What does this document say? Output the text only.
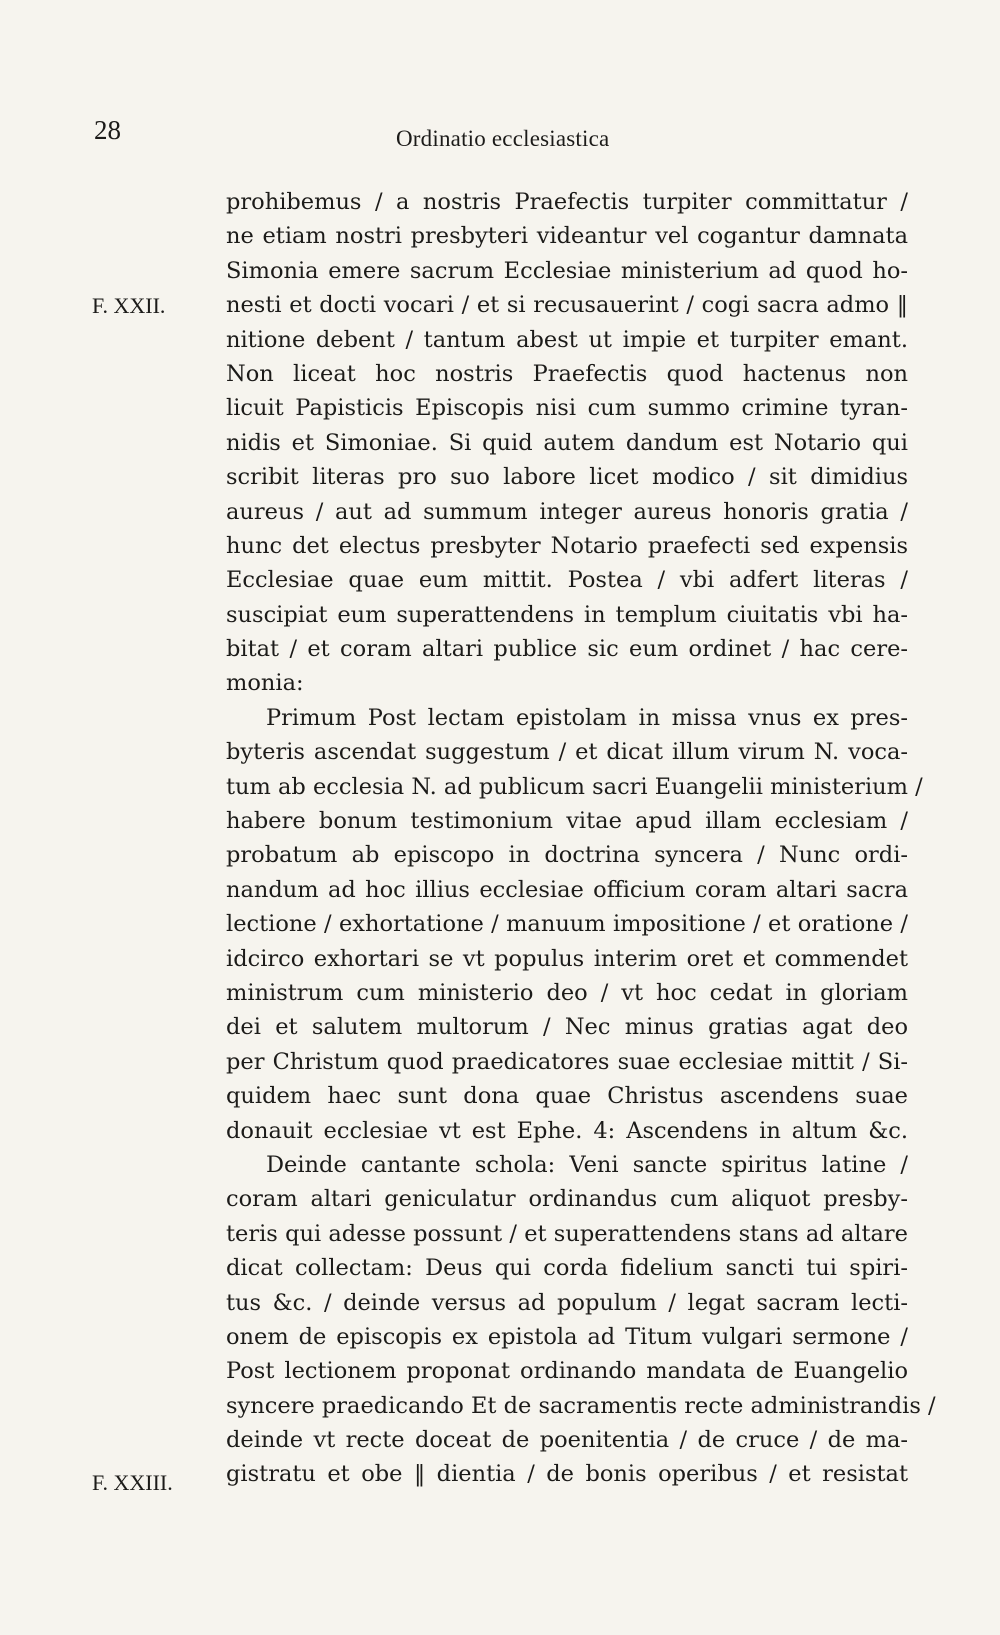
28	Ordinatio ecclesiastica
F. XXII.
F. XXIII.
prohibemus / a nostris Praefectis turpiter committatur /
ne etiam nostri presbyteri videantur vel cogantur damnata
Simonia emere sacrum Ecclesiae ministerium ad quod ho-
nesti et docti vocari / et si recusauerint / cogi sacra admo ‖
nitione debent / tantum abest ut impie et turpiter emant.
Non liceat hoc nostris Praefectis quod hactenus non
licuit Papisticis Episcopis nisi cum summo crimine tyran-
nidis et Simoniae. Si quid autem dandum est Notario qui
scribit literas pro suo labore licet modico / sit dimidius
aureus / aut ad summum integer aureus honoris gratia /
hunc det electus presbyter Notario praefecti sed expensis
Ecclesiae quae eum mittit. Postea / vbi adfert literas /
suscipiat eum superattendens in templum ciuitatis vbi ha-
bitat / et coram altari publice sic eum ordinet / hac cere-
monia:
Primum Post lectam epistolam in missa vnus ex pres-
byteris ascendat suggestum / et dicat illum virum N. voca-
tum ab ecclesia N. ad publicum sacri Euangelii ministerium /
habere bonum testimonium vitae apud illam ecclesiam /
probatum ab episcopo in doctrina syncera / Nunc ordi-
nandum ad hoc illius ecclesiae officium coram altari sacra
lectione / exhortatione / manuum impositione / et oratione /
idcirco exhortari se vt populus interim oret et commendet
ministrum cum ministerio deo / vt hoc cedat in gloriam
dei et salutem multorum / Nec minus gratias agat deo
per Christum quod praedicatores suae ecclesiae mittit / Si-
quidem haec sunt dona quae Christus ascendens suae
donauit ecclesiae vt est Ephe. 4: Ascendens in altum &c.
Deinde cantante schola: Veni sancte spiritus latine /
coram altari geniculatur ordinandus cum aliquot presby-
teris qui adesse possunt / et superattendens stans ad altare
dicat collectam: Deus qui corda fidelium sancti tui spiri-
tus &c. / deinde versus ad populum / legat sacram lecti-
onem de episcopis ex epistola ad Titum vulgari sermone /
Post lectionem proponat ordinando mandata de Euangelio
syncere praedicando Et de sacramentis recte administrandis /
deinde vt recte doceat de poenitentia / de cruce / de ma-
gistratu et obe ‖ dientia / de bonis operibus / et resistat
